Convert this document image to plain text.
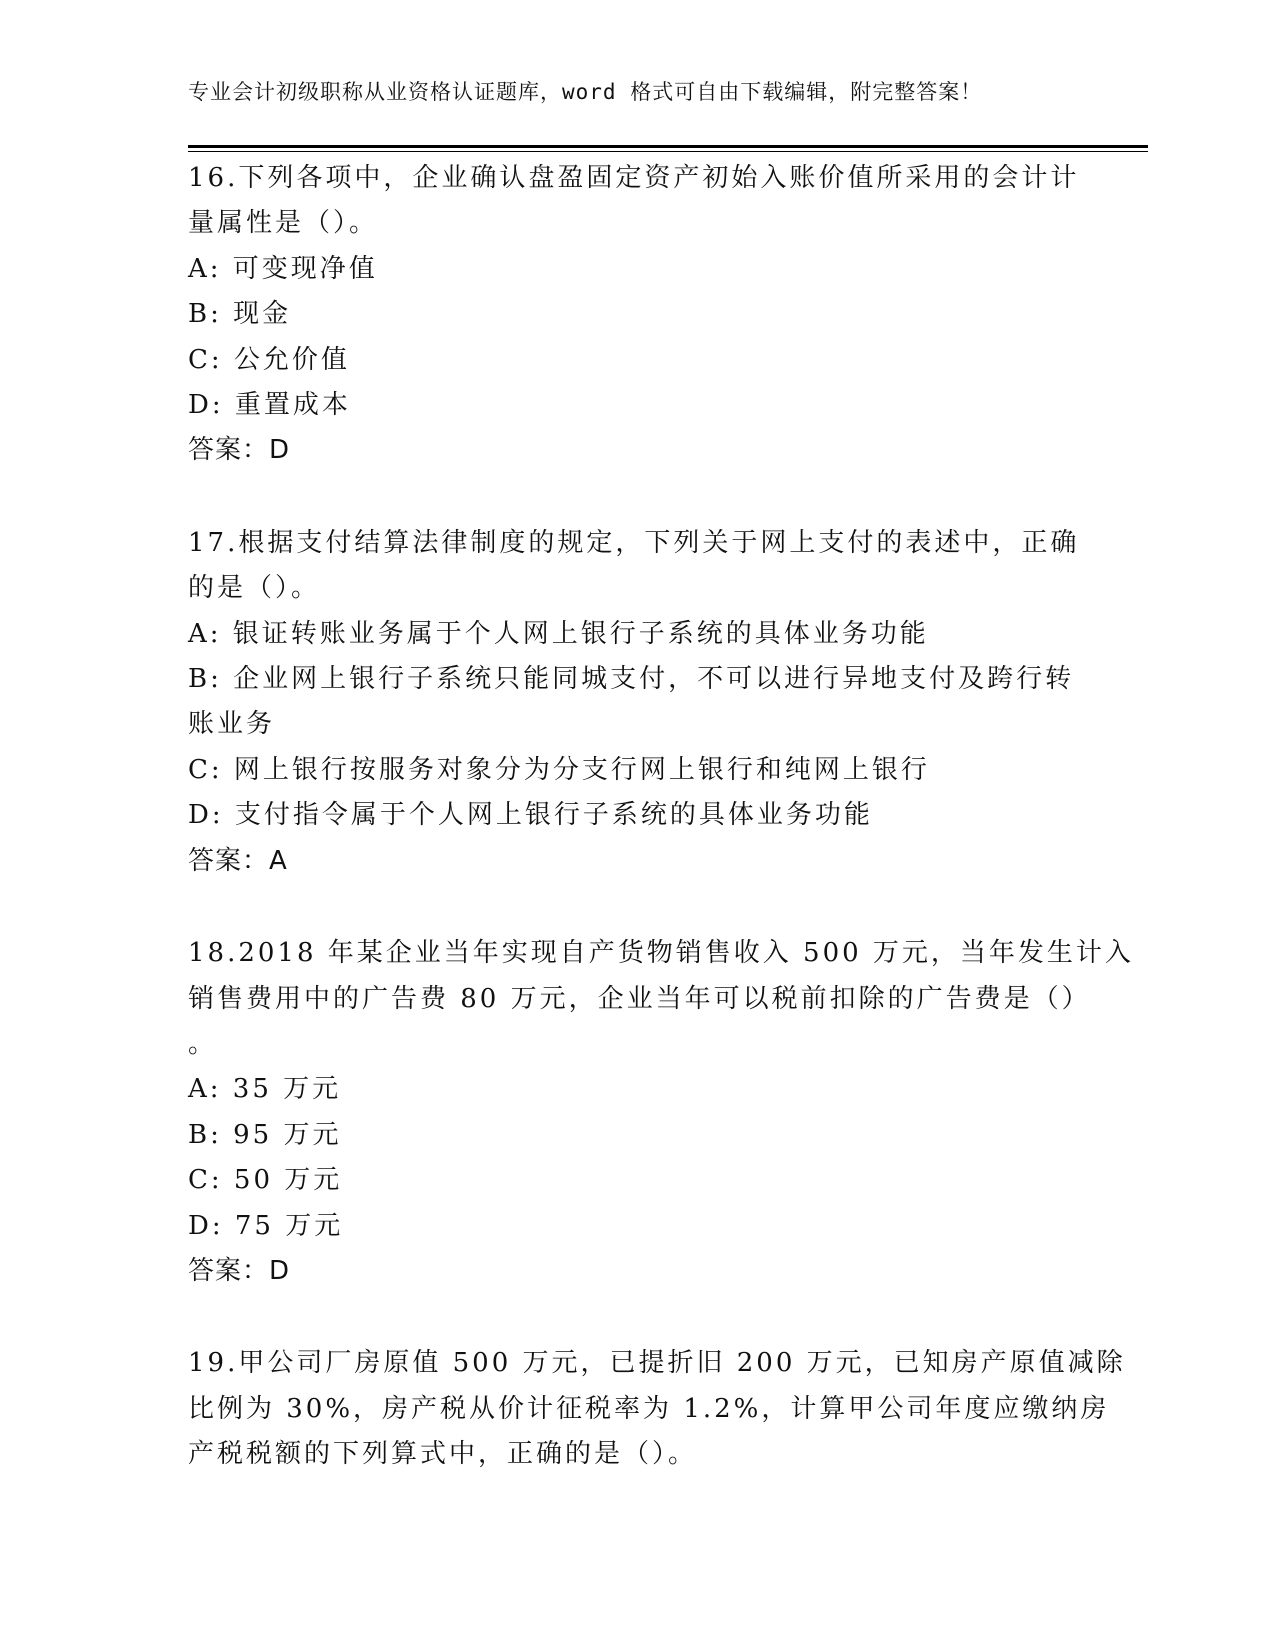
专业会计初级职称从业资格认证题库，word 格式可自由下载编辑，附完整答案！
16.下列各项中，企业确认盘盈固定资产初始入账价值所采用的会计计
量属性是（）。
A: 可变现净值
B: 现金
C: 公允价值
D: 重置成本
答案：D
17.根据支付结算法律制度的规定，下列关于网上支付的表述中，正确
的是（）。
A: 银证转账业务属于个人网上银行子系统的具体业务功能
B: 企业网上银行子系统只能同城支付，不可以进行异地支付及跨行转
账业务
C: 网上银行按服务对象分为分支行网上银行和纯网上银行
D: 支付指令属于个人网上银行子系统的具体业务功能
答案：A
18.2018 年某企业当年实现自产货物销售收入 500 万元，当年发生计入
销售费用中的广告费 80 万元，企业当年可以税前扣除的广告费是（）
。
A: 35 万元
B: 95 万元
C: 50 万元
D: 75 万元
答案：D
19.甲公司厂房原值 500 万元，已提折旧 200 万元，已知房产原值减除
比例为 30%，房产税从价计征税率为 1.2%，计算甲公司年度应缴纳房
产税税额的下列算式中，正确的是（）。
